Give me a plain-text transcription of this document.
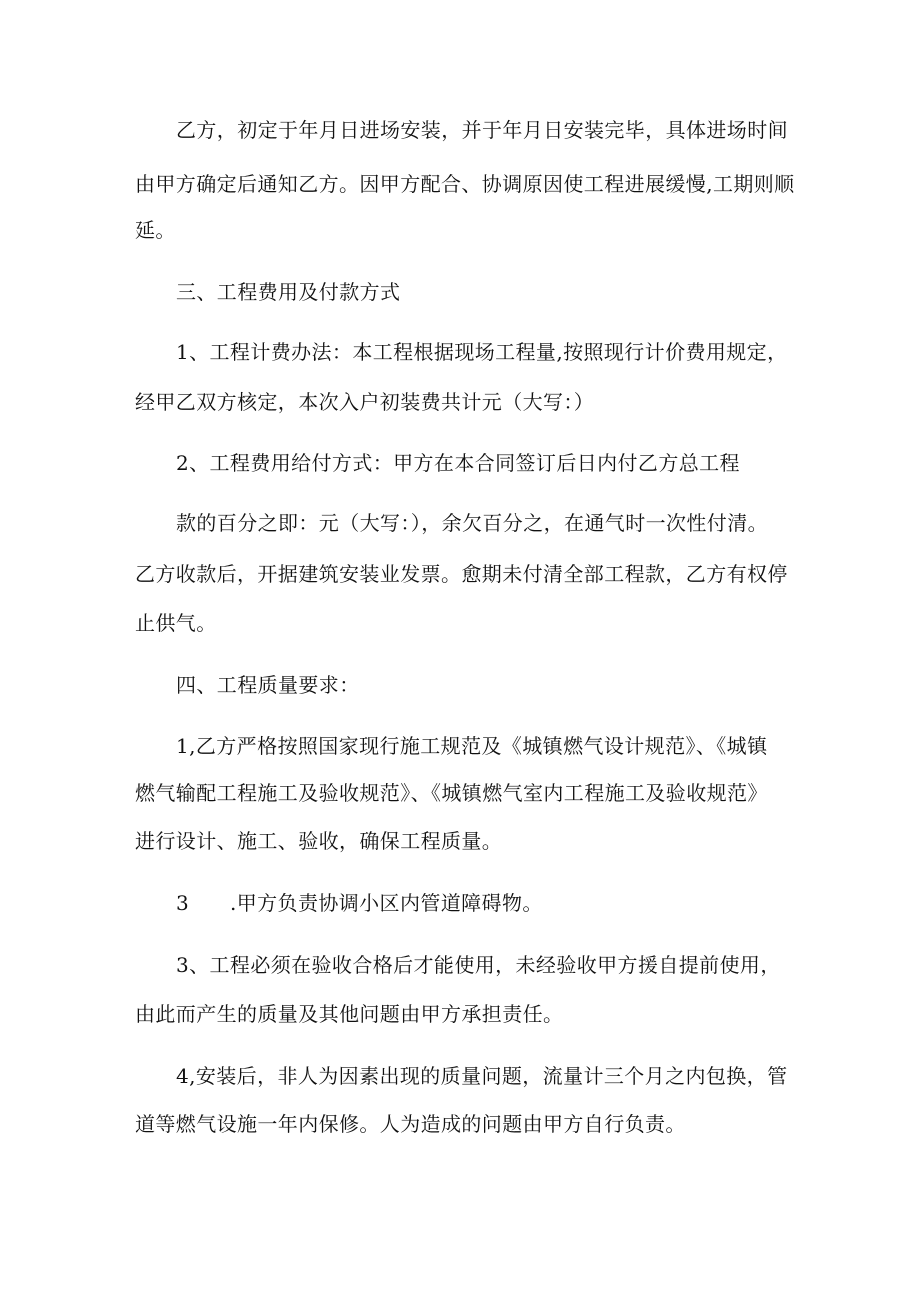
乙方，初定于年月日进场安装，并于年月日安装完毕，具体进场时间
由甲方确定后通知乙方。因甲方配合、协调原因使工程进展缓慢,工期则顺
延。
三、工程费用及付款方式
1、工程计费办法：本工程根据现场工程量,按照现行计价费用规定，
经甲乙双方核定，本次入户初装费共计元（大写：）
2、工程费用给付方式：甲方在本合同签订后日内付乙方总工程
款的百分之即：元（大写：），余欠百分之，在通气时一次性付清。
乙方收款后，开据建筑安装业发票。愈期未付清全部工程款，乙方有权停
止供气。
四、工程质量要求：
1,乙方严格按照国家现行施工规范及《城镇燃气设计规范》、《城镇
燃气输配工程施工及验收规范》、《城镇燃气室内工程施工及验收规范》
进行设计、施工、验收，确保工程质量。
3 .甲方负责协调小区内管道障碍物。
3、工程必须在验收合格后才能使用，未经验收甲方援自提前使用，
由此而产生的质量及其他问题由甲方承担责任。
4,安装后，非人为因素出现的质量问题，流量计三个月之内包换，管
道等燃气设施一年内保修。人为造成的问题由甲方自行负责。
